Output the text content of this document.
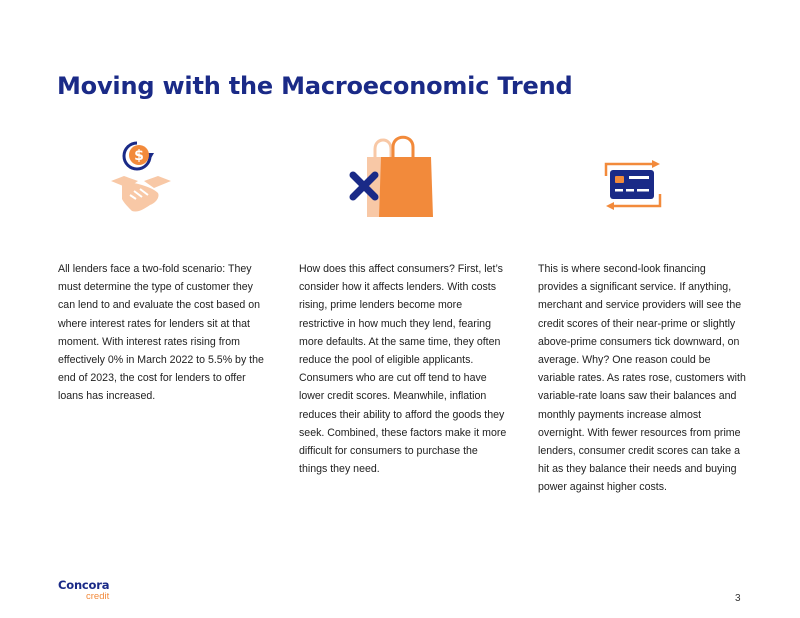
Moving with the Macroeconomic Trend
$

All lenders face a two-fold scenario: They must determine the type of customer they can lend to and evaluate the cost based on where interest rates for lenders sit at that moment. With interest rates rising from effectively 0% in March 2022 to 5.5% by the end of 2023, the cost for lenders to offer loans has increased.

How does this affect consumers? First, let’s consider how it affects lenders. With costs rising, prime lenders become more restrictive in how much they lend, fearing more defaults. At the same time, they often reduce the pool of eligible applicants. Consumers who are cut off tend to have lower credit scores. Meanwhile, inflation reduces their ability to afford the goods they seek. Combined, these factors make it more difficult for consumers to purchase the things they need.

This is where second-look financing provides a significant service. If anything, merchant and service providers will see the credit scores of their near-prime or slightly above-prime consumers tick downward, on average. Why? One reason could be variable rates. As rates rose, customers with variable-rate loans saw their balances and monthly payments increase almost overnight. With fewer resources from prime lenders, consumer credit scores can take a hit as they balance their needs and buying power against higher costs.

Concora
credit	3
